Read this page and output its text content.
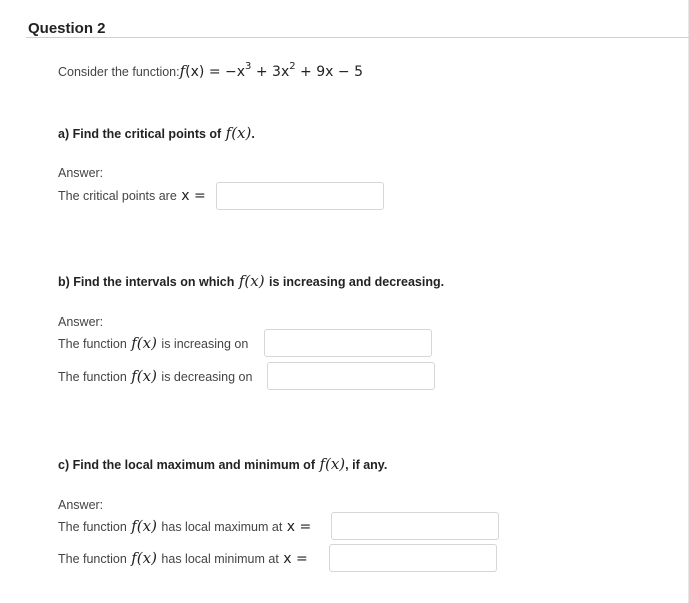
Question 2
Consider the function:f(x) = $-x^3 + 3x^2 + 9x - 5$
a) Find the critical points of f(x).
Answer:
The critical points are x =
b) Find the intervals on which f(x) is increasing and decreasing.
Answer:
The function f(x) is increasing on
The function f(x) is decreasing on
c) Find the local maximum and minimum of f(x), if any.
Answer:
The function f(x) has local maximum at x =
The function f(x) has local minimum at x =
